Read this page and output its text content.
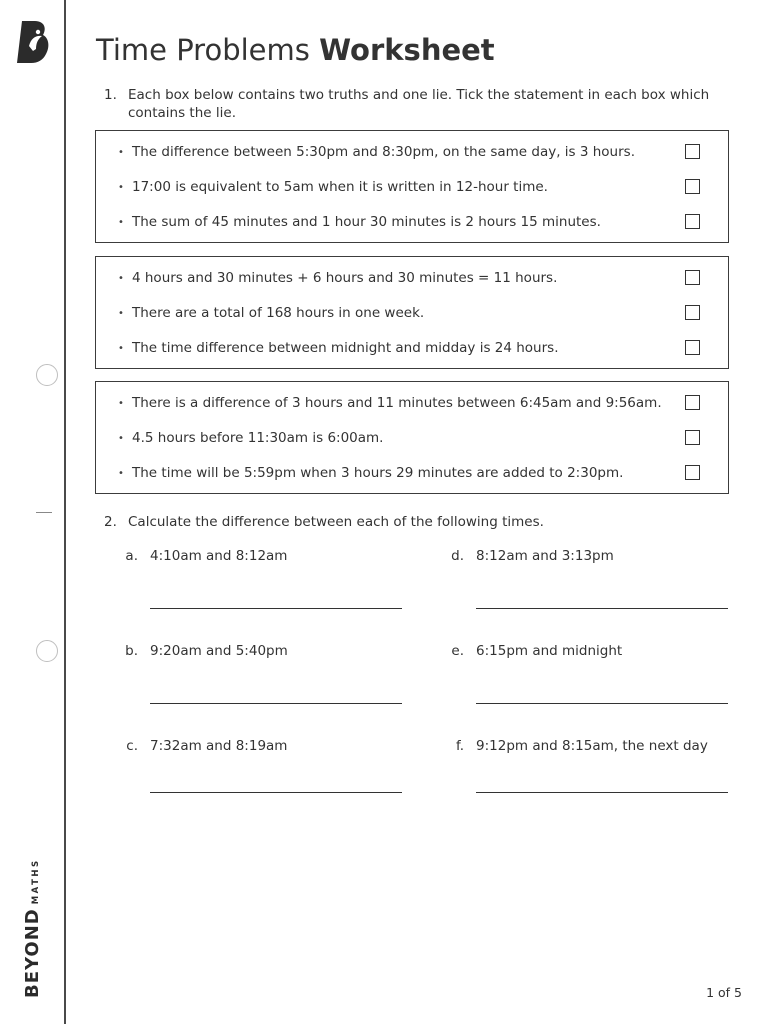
BEYOND
MATHS
Time Problems Worksheet
1. Each box below contains two truths and one lie. Tick the statement in each box which contains the lie.
• The difference between 5:30pm and 8:30pm, on the same day, is 3 hours.
• 17:00 is equivalent to 5am when it is written in 12-hour time.
• The sum of 45 minutes and 1 hour 30 minutes is 2 hours 15 minutes.
• 4 hours and 30 minutes + 6 hours and 30 minutes = 11 hours.
• There are a total of 168 hours in one week.
• The time difference between midnight and midday is 24 hours.
• There is a difference of 3 hours and 11 minutes between 6:45am and 9:56am.
• 4.5 hours before 11:30am is 6:00am.
• The time will be 5:59pm when 3 hours 29 minutes are added to 2:30pm.
2. Calculate the difference between each of the following times.
a. 4:10am and 8:12am
b. 9:20am and 5:40pm
c. 7:32am and 8:19am
d. 8:12am and 3:13pm
e. 6:15pm and midnight
f. 9:12pm and 8:15am, the next day
1 of 5
